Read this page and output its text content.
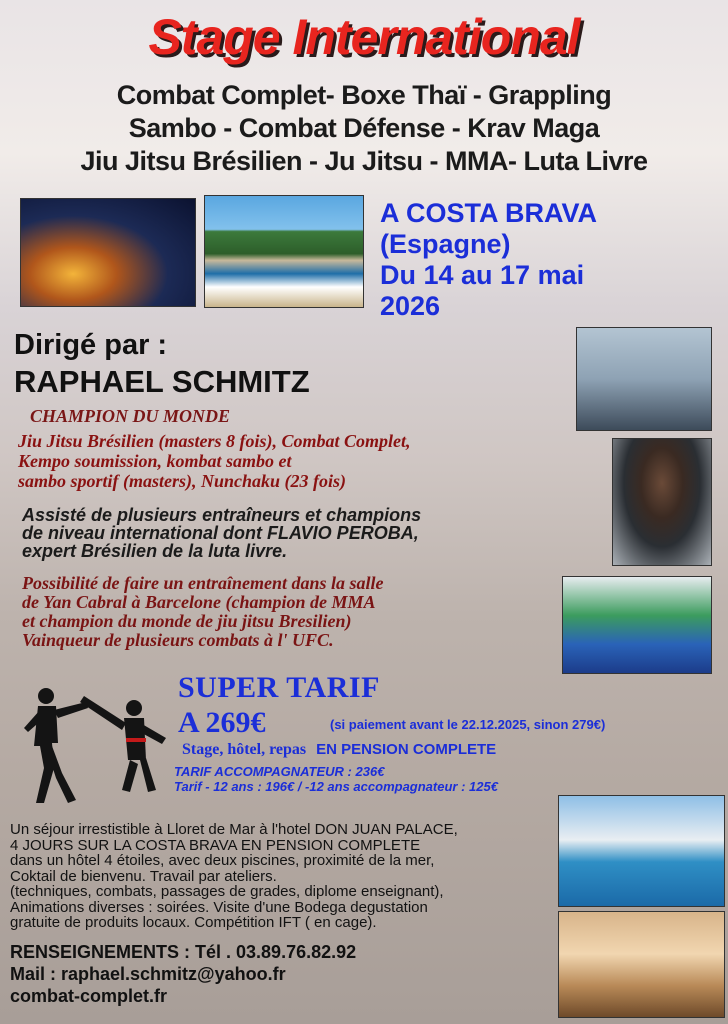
Stage International
Combat Complet- Boxe Thaï - Grappling
Sambo - Combat Défense - Krav Maga
Jiu Jitsu Brésilien - Ju Jitsu - MMA- Luta Livre
A COSTA BRAVA
(Espagne)
Du 14 au 17 mai
2026
Dirigé par :
RAPHAEL SCHMITZ
CHAMPION DU MONDE
Jiu Jitsu Brésilien (masters 8 fois), Combat Complet,
Kempo soumission, kombat sambo et
sambo sportif (masters), Nunchaku (23 fois)
Assisté de plusieurs entraîneurs et champions
de niveau international dont FLAVIO PEROBA,
expert Brésilien de la luta livre.
Possibilité de faire un entraînement dans la salle
de Yan Cabral à Barcelone (champion de MMA
et champion du monde de jiu jitsu Bresilien)
Vainqueur de plusieurs combats à l' UFC.
SUPER TARIF
A 269€	(si paiement avant le 22.12.2025, sinon 279€)
Stage, hôtel, repas EN PENSION COMPLETE
TARIF ACCOMPAGNATEUR : 236€
Tarif - 12 ans : 196€ / -12 ans accompagnateur : 125€
Un séjour irrestistible à Lloret de Mar à l'hotel DON JUAN PALACE,
4 JOURS SUR LA COSTA BRAVA EN PENSION COMPLETE
dans un hôtel 4 étoiles, avec deux piscines, proximité de la mer,
Coktail de bienvenu. Travail par ateliers.
(techniques, combats, passages de grades, diplome enseignant),
Animations diverses : soirées. Visite d'une Bodega degustation
gratuite de produits locaux. Compétition IFT ( en cage).
RENSEIGNEMENTS : Tél . 03.89.76.82.92
Mail : raphael.schmitz@yahoo.fr
combat-complet.fr
